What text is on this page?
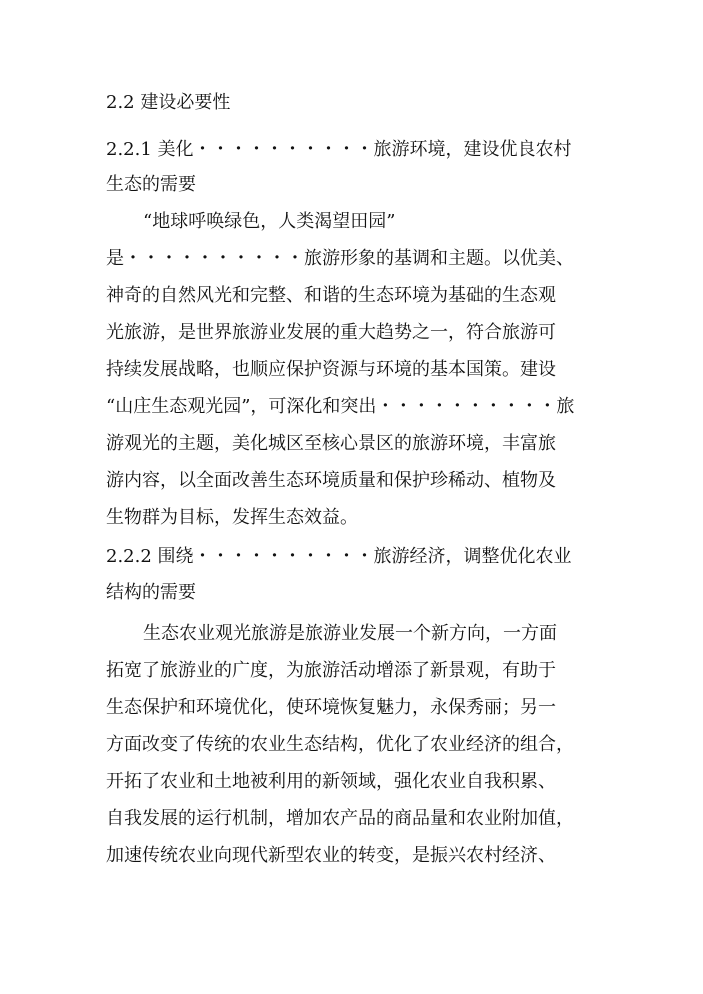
2.2 建设必要性
2.2.1 美化・・・・・・・・・・旅游环境，建设优良农村
生态的需要
“地球呼唤绿色，人类渴望田园”
是・・・・・・・・・・旅游形象的基调和主题。以优美、
神奇的自然风光和完整、和谐的生态环境为基础的生态观
光旅游，是世界旅游业发展的重大趋势之一，符合旅游可
持续发展战略，也顺应保护资源与环境的基本国策。建设
“山庄生态观光园”，可深化和突出・・・・・・・・・・旅
游观光的主题，美化城区至核心景区的旅游环境，丰富旅
游内容，以全面改善生态环境质量和保护珍稀动、植物及
生物群为目标，发挥生态效益。
2.2.2 围绕・・・・・・・・・・旅游经济，调整优化农业
结构的需要
生态农业观光旅游是旅游业发展一个新方向，一方面
拓宽了旅游业的广度，为旅游活动增添了新景观，有助于
生态保护和环境优化，使环境恢复魅力，永保秀丽；另一
方面改变了传统的农业生态结构，优化了农业经济的组合，
开拓了农业和土地被利用的新领域，强化农业自我积累、
自我发展的运行机制，增加农产品的商品量和农业附加值，
加速传统农业向现代新型农业的转变，是振兴农村经济、
